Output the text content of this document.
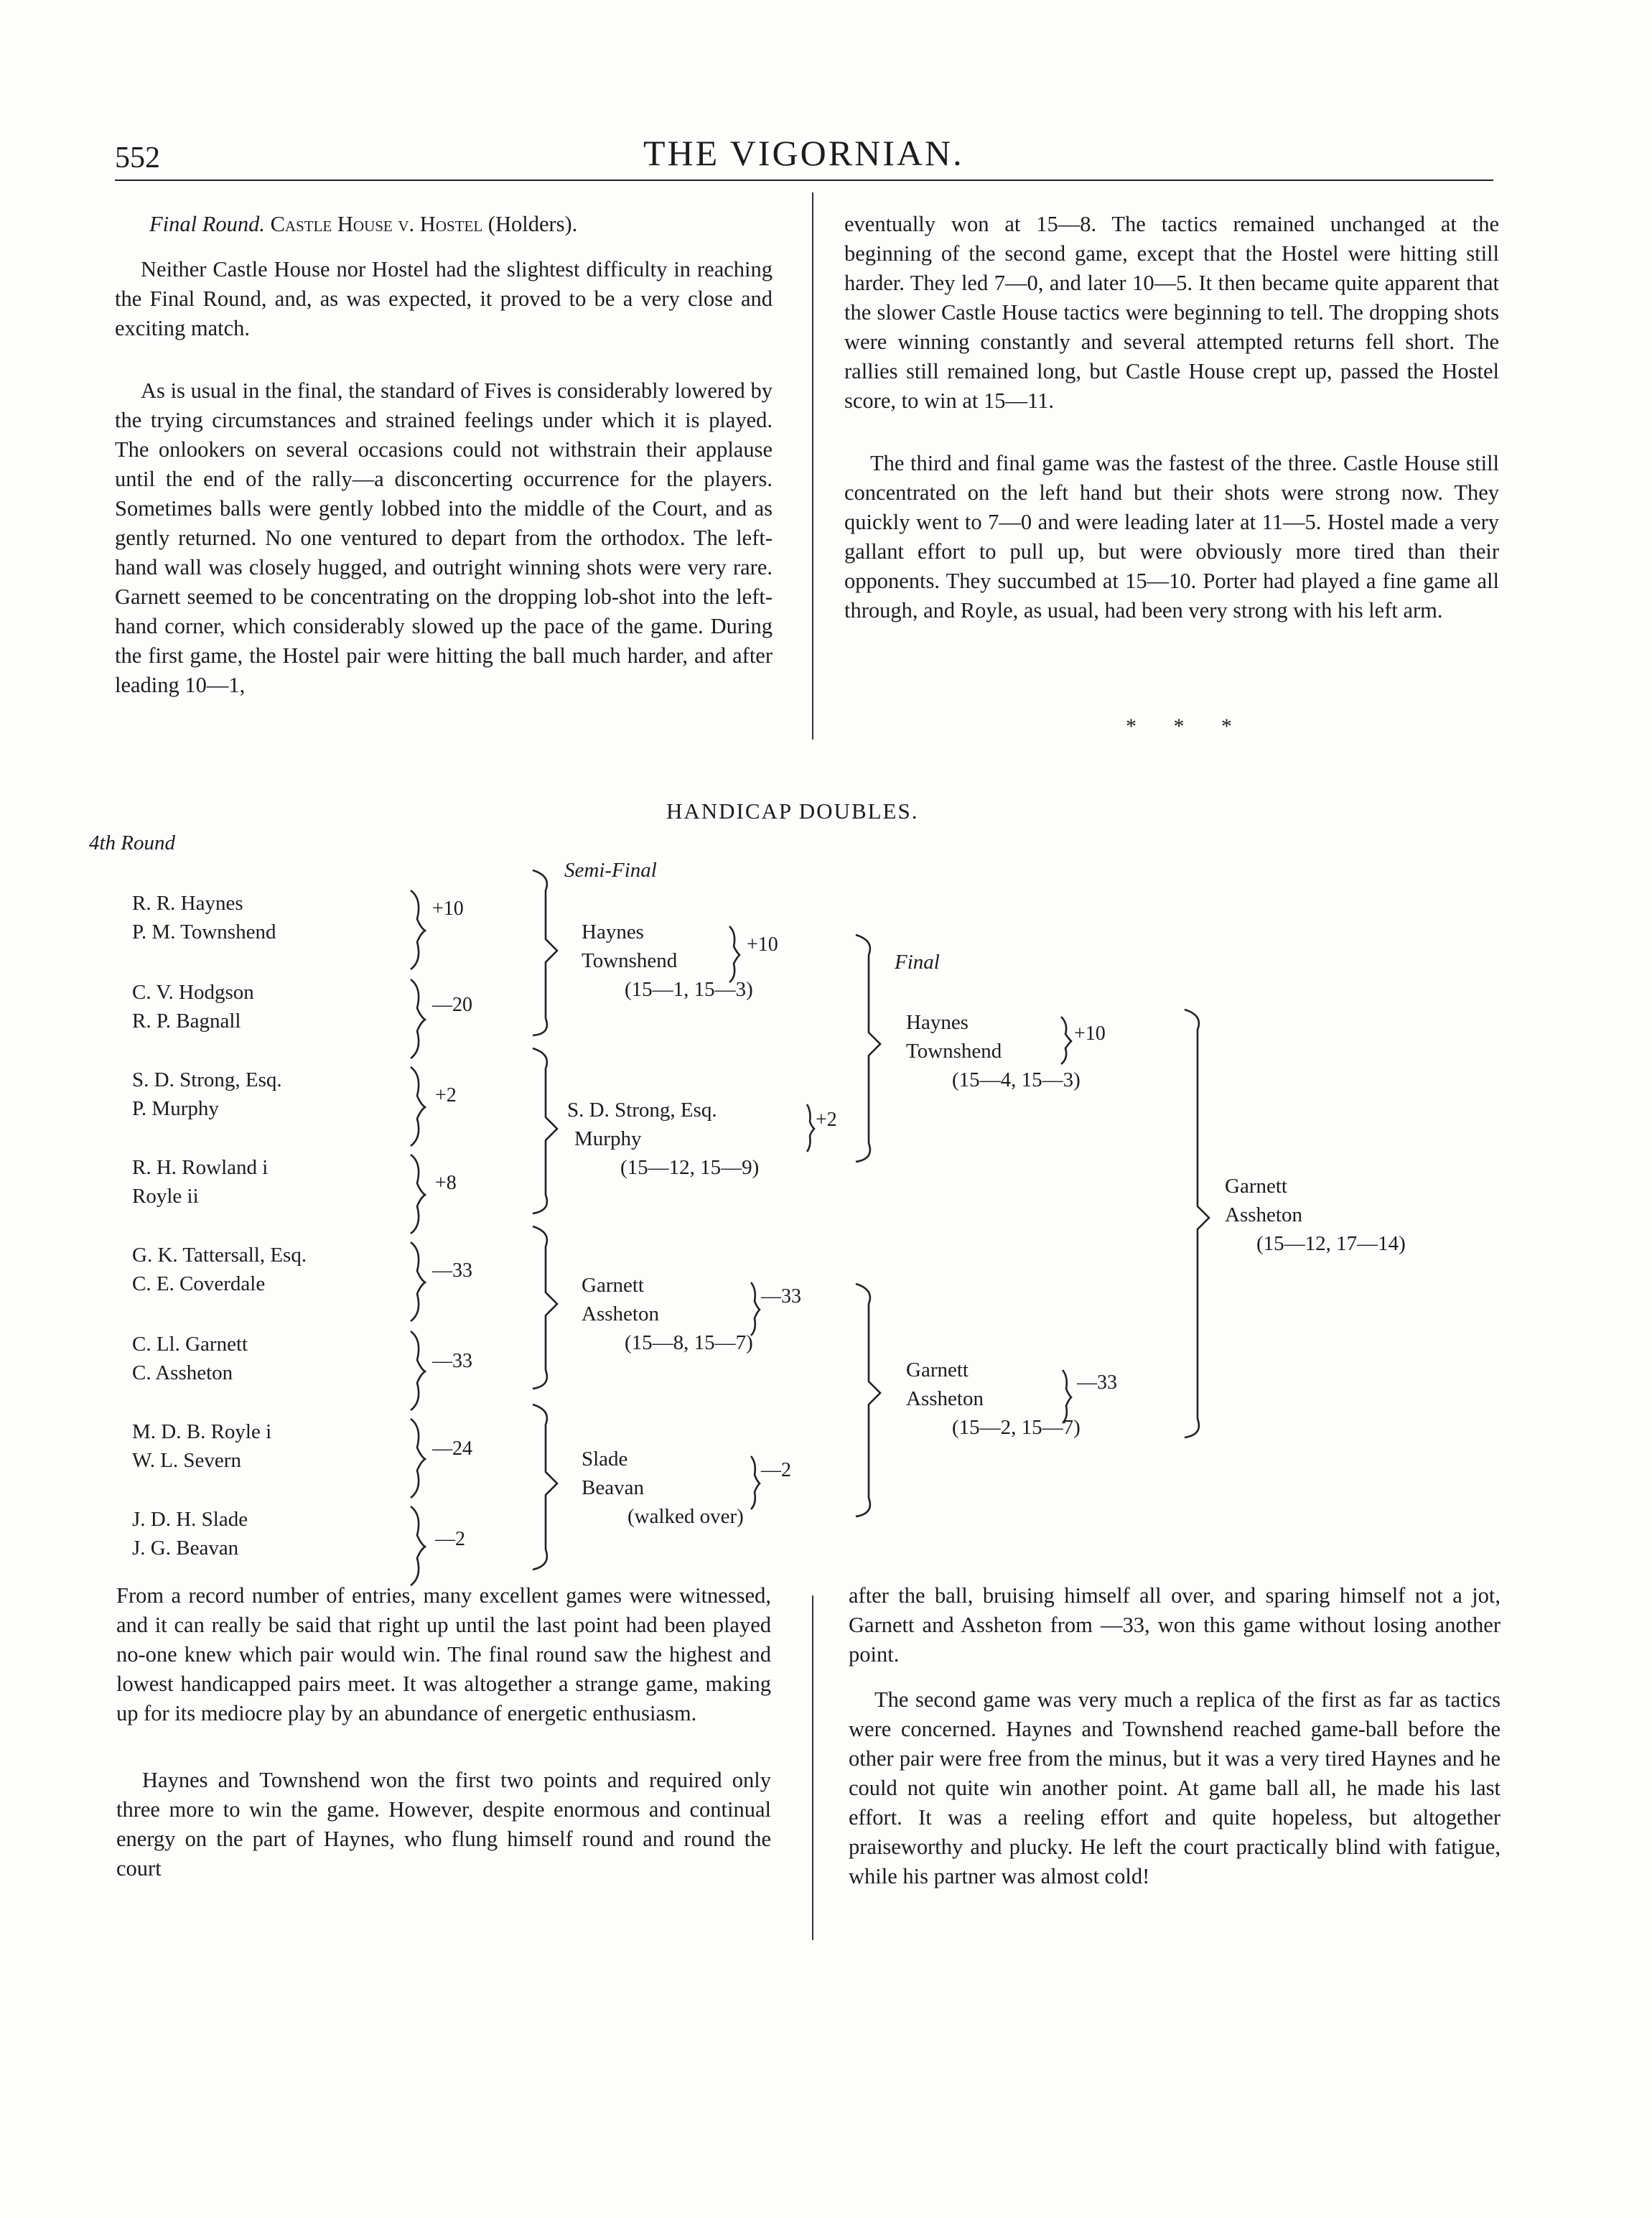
552	THE VIGORNIAN.

Final Round. Castle House v. Hostel (Holders).

Neither Castle House nor Hostel had the slightest difficulty in reaching the Final Round, and, as was expected, it proved to be a very close and exciting match.

As is usual in the final, the standard of Fives is considerably lowered by the trying circumstances and strained feelings under which it is played. The onlookers on several occasions could not withstrain their applause until the end of the rally—a disconcerting occurrence for the players. Sometimes balls were gently lobbed into the middle of the Court, and as gently returned. No one ventured to depart from the orthodox. The left-hand wall was closely hugged, and outright winning shots were very rare. Garnett seemed to be concentrating on the dropping lob-shot into the left-hand corner, which considerably slowed up the pace of the game. During the first game, the Hostel pair were hitting the ball much harder, and after leading 10—1,

eventually won at 15—8. The tactics remained unchanged at the beginning of the second game, except that the Hostel were hitting still harder. They led 7—0, and later 10—5. It then became quite apparent that the slower Castle House tactics were beginning to tell. The dropping shots were winning constantly and several attempted returns fell short. The rallies still remained long, but Castle House crept up, passed the Hostel score, to win at 15—11.

The third and final game was the fastest of the three. Castle House still concentrated on the left hand but their shots were strong now. They quickly went to 7—0 and were leading later at 11—5. Hostel made a very gallant effort to pull up, but were obviously more tired than their opponents. They succumbed at 15—10. Porter had played a fine game all through, and Royle, as usual, had been very strong with his left arm.

* * *
HANDICAP DOUBLES.
4th Round
Semi-Final
Final
R. R. Haynes
P. M. Townshend
+10
C. V. Hodgson
R. P. Bagnall
—20
S. D. Strong, Esq.
P. Murphy
+2
R. H. Rowland i
Royle ii
+8
G. K. Tattersall, Esq.
C. E. Coverdale
—33
C. Ll. Garnett
C. Assheton
—33
M. D. B. Royle i
W. L. Severn
—24
J. D. H. Slade
J. G. Beavan	—2
Haynes
Townshend
(15—1, 15—3)
+10
S. D. Strong, Esq.
Murphy
(15—12, 15—9)
+2
Garnett
Assheton
(15—8, 15—7)
—33
Slade
Beavan
(walked over)
—2
Haynes
Townshend
(15—4, 15—3)
+10
Garnett
Assheton
(15—2, 15—7)
—33
Garnett
Assheton
(15—12, 17—14)

From a record number of entries, many excellent games were witnessed, and it can really be said that right up until the last point had been played no-one knew which pair would win. The final round saw the highest and lowest handicapped pairs meet. It was altogether a strange game, making up for its mediocre play by an abundance of energetic enthusiasm.

Haynes and Townshend won the first two points and required only three more to win the game. However, despite enormous and continual energy on the part of Haynes, who flung himself round and round the court

after the ball, bruising himself all over, and sparing himself not a jot, Garnett and Assheton from —33, won this game without losing another point.

The second game was very much a replica of the first as far as tactics were concerned. Haynes and Townshend reached game-ball before the other pair were free from the minus, but it was a very tired Haynes and he could not quite win another point. At game ball all, he made his last effort. It was a reeling effort and quite hopeless, but altogether praiseworthy and plucky. He left the court practically blind with fatigue, while his partner was almost cold!
